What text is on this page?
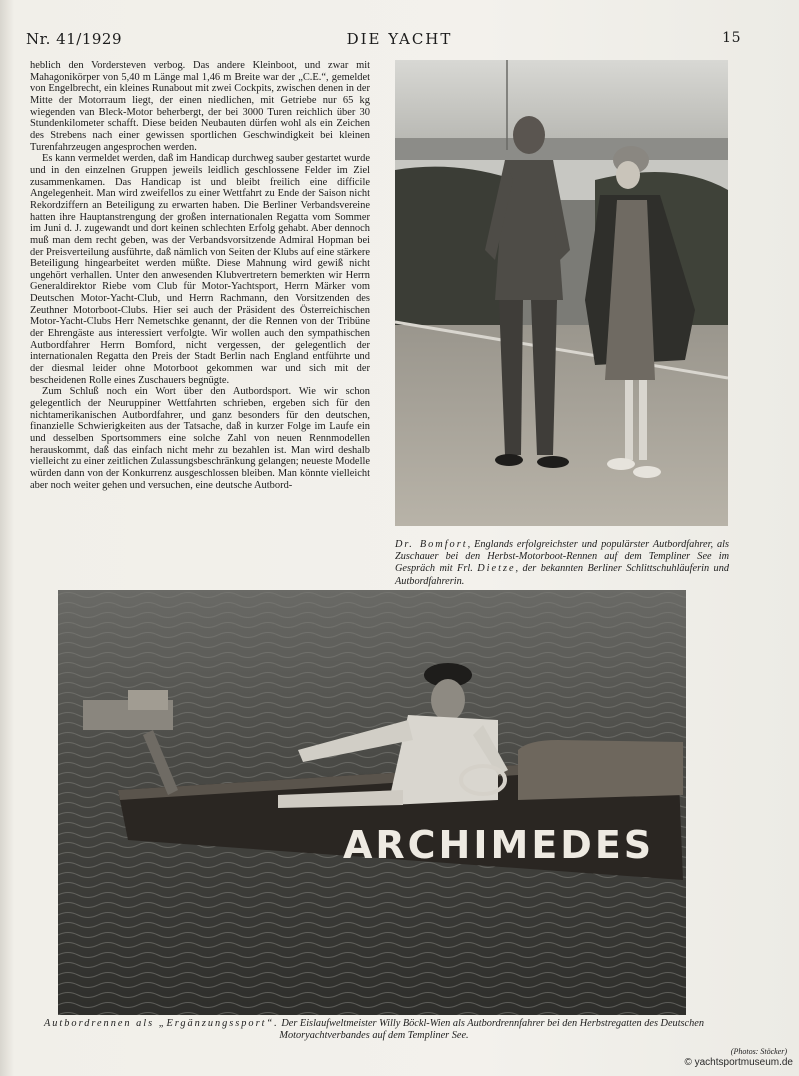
Nr. 41/1929	DIE YACHT	15

heblich den Vordersteven verbog. Das andere Kleinboot, und zwar mit Mahagonikörper von 5,40 m Länge mal 1,46 m Breite war der „C.E.“, gemeldet von Engelbrecht, ein kleines Runabout mit zwei Cockpits, zwischen denen in der Mitte der Motorraum liegt, der einen niedlichen, mit Getriebe nur 65 kg wiegenden van Bleck-Motor beherbergt, der bei 3000 Turen reichlich über 30 Stundenkilometer schafft. Diese beiden Neubauten dürfen wohl als ein Zeichen des Strebens nach einer gewissen sportlichen Geschwindigkeit bei kleinen Turenfahrzeugen angesprochen werden.

Es kann vermeldet werden, daß im Handicap durchweg sauber gestartet wurde und in den einzelnen Gruppen jeweils leidlich geschlossene Felder im Ziel zusammenkamen. Das Handicap ist und bleibt freilich eine difficile Angelegenheit. Man wird zweifellos zu einer Wettfahrt zu Ende der Saison nicht Rekordziffern an Beteiligung zu erwarten haben. Die Berliner Verbandsvereine hatten ihre Hauptanstrengung der großen internationalen Regatta vom Sommer im Juni d. J. zugewandt und dort keinen schlechten Erfolg gehabt. Aber dennoch muß man dem recht geben, was der Verbandsvorsitzende Admiral Hopman bei der Preisverteilung ausführte, daß nämlich von Seiten der Klubs auf eine stärkere Beteiligung hingearbeitet werden müßte. Diese Mahnung wird gewiß nicht ungehört verhallen. Unter den anwesenden Klubvertretern bemerkten wir Herrn Generaldirektor Riebe vom Club für Motor-Yachtsport, Herrn Märker vom Deutschen Motor-Yacht-Club, und Herrn Rachmann, den Vorsitzenden des Zeuthner Motorboot-Clubs. Hier sei auch der Präsident des Österreichischen Motor-Yacht-Clubs Herr Nemetschke genannt, der die Rennen von der Tribüne der Ehrengäste aus interessiert verfolgte. Wir wollen auch den sympathischen Autbordfahrer Herrn Bomford, nicht vergessen, der gelegentlich der internationalen Regatta den Preis der Stadt Berlin nach England entführte und der diesmal leider ohne Motorboot gekommen war und sich mit der bescheidenen Rolle eines Zuschauers begnügte.

Zum Schluß noch ein Wort über den Autbordsport. Wie wir schon gelegentlich der Neuruppiner Wettfahrten schrieben, ergeben sich für den nichtamerikanischen Autbordfahrer, und ganz besonders für den deutschen, finanzielle Schwierigkeiten aus der Tatsache, daß in kurzer Folge im Laufe ein und desselben Sportsommers eine solche Zahl von neuen Rennmodellen herauskommt, daß das einfach nicht mehr zu bezahlen ist. Man wird deshalb vielleicht zu einer zeitlichen Zulassungsbeschränkung gelangen; neueste Modelle würden dann von der Konkurrenz ausgeschlossen bleiben. Man könnte vielleicht aber noch weiter gehen und versuchen, eine deutsche Autbord-

Dr. Bomfort, Englands erfolgreichster und populärster Autbordfahrer, als Zuschauer bei den Herbst-Motorboot-Rennen auf dem Templiner See im Gespräch mit Frl. Dietze, der bekannten Berliner Schlittschuhläuferin und Autbordfahrerin.
ARCHIMEDES
Autbordrennen als „Ergänzungssport“. Der Eislaufweltmeister Willy Böckl-Wien als Autbordrennfahrer bei den Herbstregatten des Deutschen Motoryachtverbandes auf dem Templiner See.
(Photos: Stöcker)
© yachtsportmuseum.de
